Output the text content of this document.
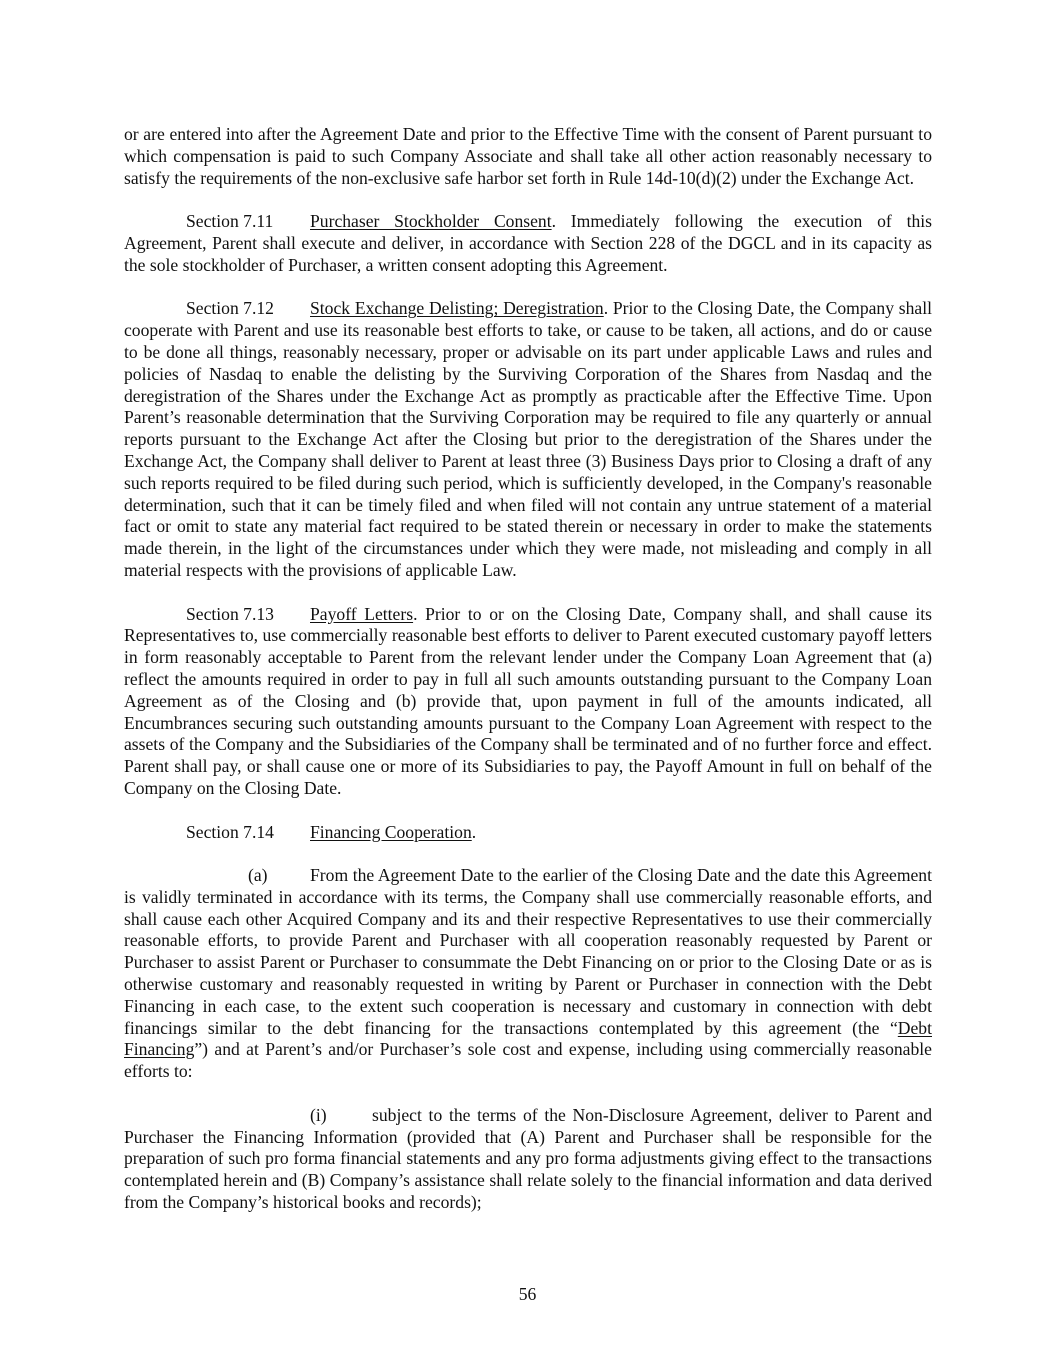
or are entered into after the Agreement Date and prior to the Effective Time with the consent of Parent pursuant to which compensation is paid to such Company Associate and shall take all other action reasonably necessary to satisfy the requirements of the non-exclusive safe harbor set forth in Rule 14d-10(d)(2) under the Exchange Act.

Section 7.11 Purchaser Stockholder Consent. Immediately following the execution of this Agreement, Parent shall execute and deliver, in accordance with Section 228 of the DGCL and in its capacity as the sole stockholder of Purchaser, a written consent adopting this Agreement.

Section 7.12 Stock Exchange Delisting; Deregistration. Prior to the Closing Date, the Company shall cooperate with Parent and use its reasonable best efforts to take, or cause to be taken, all actions, and do or cause to be done all things, reasonably necessary, proper or advisable on its part under applicable Laws and rules and policies of Nasdaq to enable the delisting by the Surviving Corporation of the Shares from Nasdaq and the deregistration of the Shares under the Exchange Act as promptly as practicable after the Effective Time. Upon Parent’s reasonable determination that the Surviving Corporation may be required to file any quarterly or annual reports pursuant to the Exchange Act after the Closing but prior to the deregistration of the Shares under the Exchange Act, the Company shall deliver to Parent at least three (3) Business Days prior to Closing a draft of any such reports required to be filed during such period, which is sufficiently developed, in the Company's reasonable determination, such that it can be timely filed and when filed will not contain any untrue statement of a material fact or omit to state any material fact required to be stated therein or necessary in order to make the statements made therein, in the light of the circumstances under which they were made, not misleading and comply in all material respects with the provisions of applicable Law.

Section 7.13 Payoff Letters. Prior to or on the Closing Date, Company shall, and shall cause its Representatives to, use commercially reasonable best efforts to deliver to Parent executed customary payoff letters in form reasonably acceptable to Parent from the relevant lender under the Company Loan Agreement that (a) reflect the amounts required in order to pay in full all such amounts outstanding pursuant to the Company Loan Agreement as of the Closing and (b) provide that, upon payment in full of the amounts indicated, all Encumbrances securing such outstanding amounts pursuant to the Company Loan Agreement with respect to the assets of the Company and the Subsidiaries of the Company shall be terminated and of no further force and effect. Parent shall pay, or shall cause one or more of its Subsidiaries to pay, the Payoff Amount in full on behalf of the Company on the Closing Date.

Section 7.14 Financing Cooperation.

(a) From the Agreement Date to the earlier of the Closing Date and the date this Agreement is validly terminated in accordance with its terms, the Company shall use commercially reasonable efforts, and shall cause each other Acquired Company and its and their respective Representatives to use their commercially reasonable efforts, to provide Parent and Purchaser with all cooperation reasonably requested by Parent or Purchaser to assist Parent or Purchaser to consummate the Debt Financing on or prior to the Closing Date or as is otherwise customary and reasonably requested in writing by Parent or Purchaser in connection with the Debt Financing in each case, to the extent such cooperation is necessary and customary in connection with debt financings similar to the debt financing for the transactions contemplated by this agreement (the “Debt Financing”) and at Parent’s and/or Purchaser’s sole cost and expense, including using commercially reasonable efforts to:

(i)	subject to the terms of the Non-Disclosure Agreement, deliver to Parent and Purchaser the Financing Information (provided that (A) Parent and Purchaser shall be responsible for the preparation of such pro forma financial statements and any pro forma adjustments giving effect to the transactions contemplated herein and (B) Company’s assistance shall relate solely to the financial information and data derived from the Company’s historical books and records);

56
